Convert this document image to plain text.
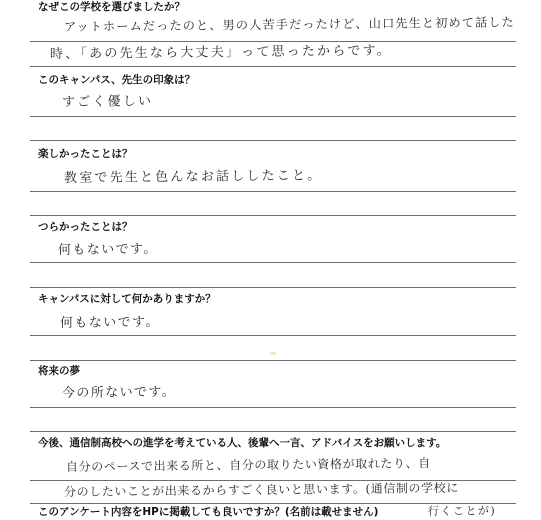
なぜこの学校を選びましたか？

アットホームだったのと、男の人苦手だったけど、山口先生と初めて話した

時、「あの先生なら大丈夫」って思ったからです。

このキャンパス、先生の印象は？

すごく優しい

楽しかったことは？

教室で先生と色んなお話ししたこと。

つらかったことは？

何もないです。

キャンパスに対して何かありますか？

何もないです。

将来の夢

今の所ないです。

今後、通信制高校への進学を考えている人、後輩へ一言、アドバイスをお願いします。

自分のペースで出来る所と、自分の取りたい資格が取れたり、自

分のしたいことが出来るからすごく良いと思います。(通信制の学校に

行くことが)

このアンケート内容をHPに掲載しても良いですか？(名前は載せません)
